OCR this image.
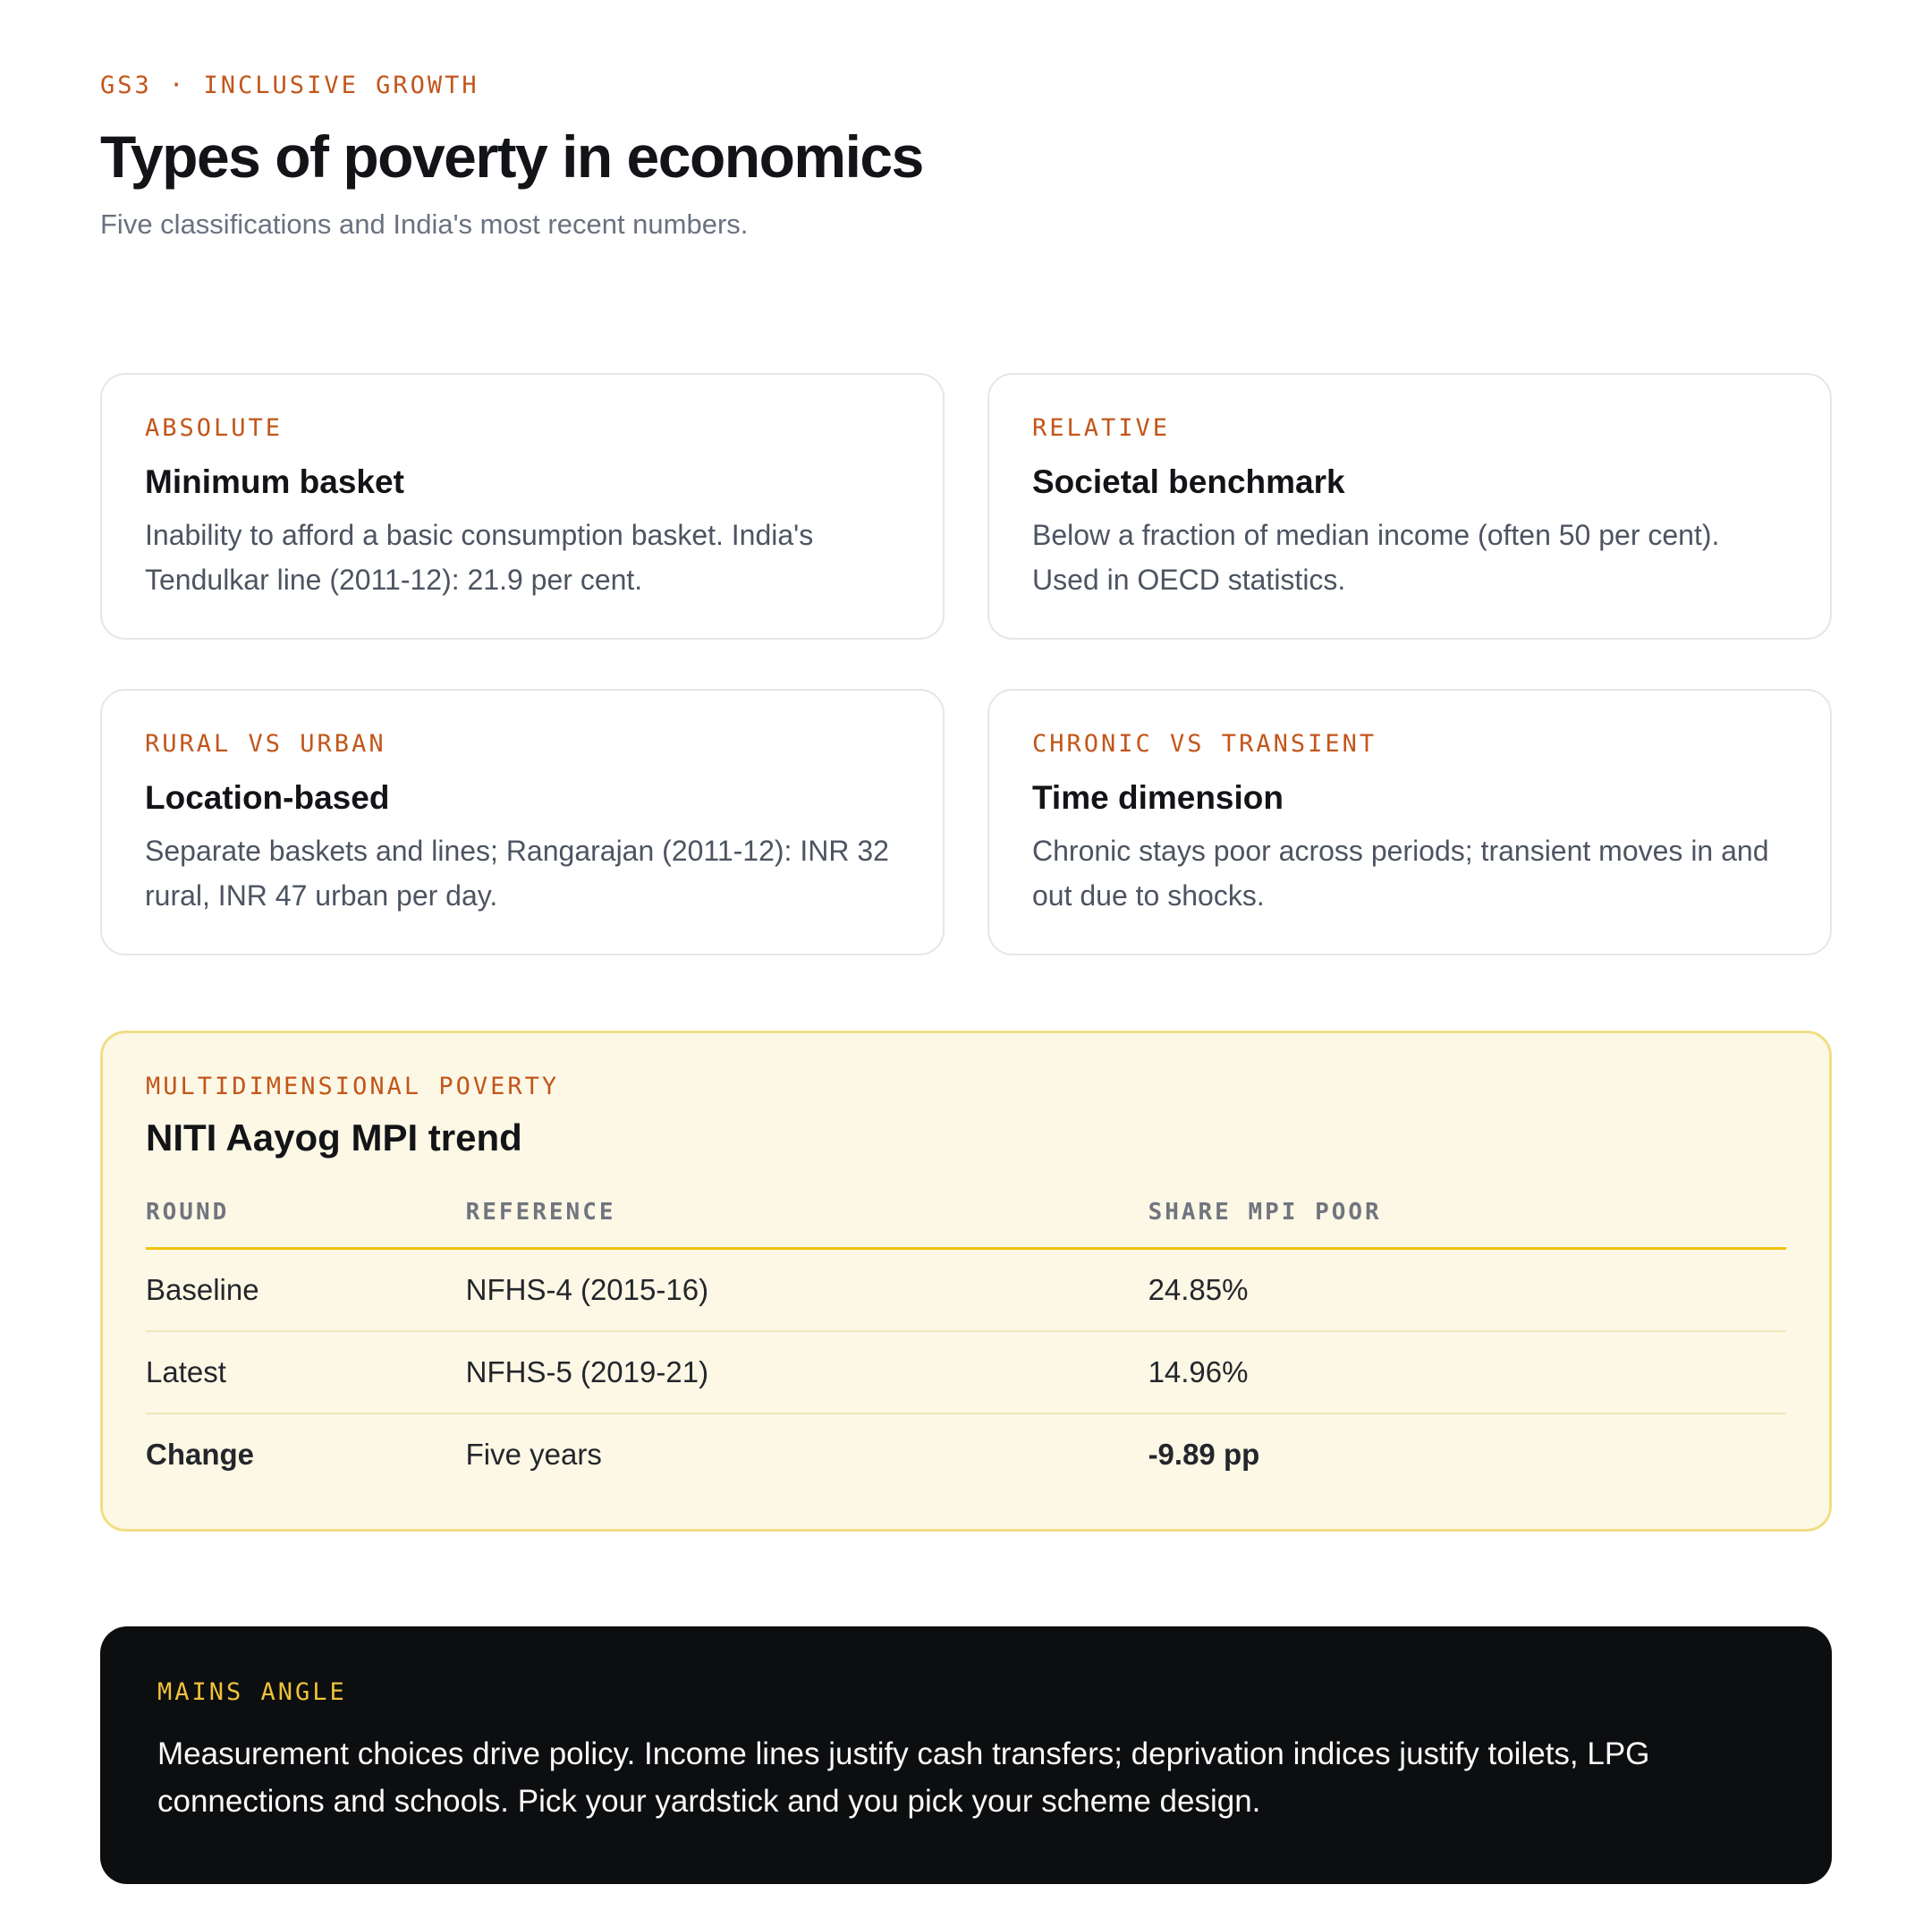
GS3 · INCLUSIVE GROWTH
Types of poverty in economics

Five classifications and India's most recent numbers.

ABSOLUTE
Minimum basket

Inability to afford a basic consumption basket. India's Tendulkar line (2011-12): 21.9 per cent.

RELATIVE
Societal benchmark

Below a fraction of median income (often 50 per cent). Used in OECD statistics.

RURAL VS URBAN
Location-based

Separate baskets and lines; Rangarajan (2011-12): INR 32 rural, INR 47 urban per day.

CHRONIC VS TRANSIENT
Time dimension

Chronic stays poor across periods; transient moves in and out due to shocks.

MULTIDIMENSIONAL POVERTY
NITI Aayog MPI trend
ROUND	REFERENCE	SHARE MPI POOR
Baseline	NFHS-4 (2015-16)	24.85%
Latest	NFHS-5 (2019-21)	14.96%
Change	Five years	-9.89 pp
MAINS ANGLE

Measurement choices drive policy. Income lines justify cash transfers; deprivation indices justify toilets, LPG connections and schools. Pick your yardstick and you pick your scheme design.
